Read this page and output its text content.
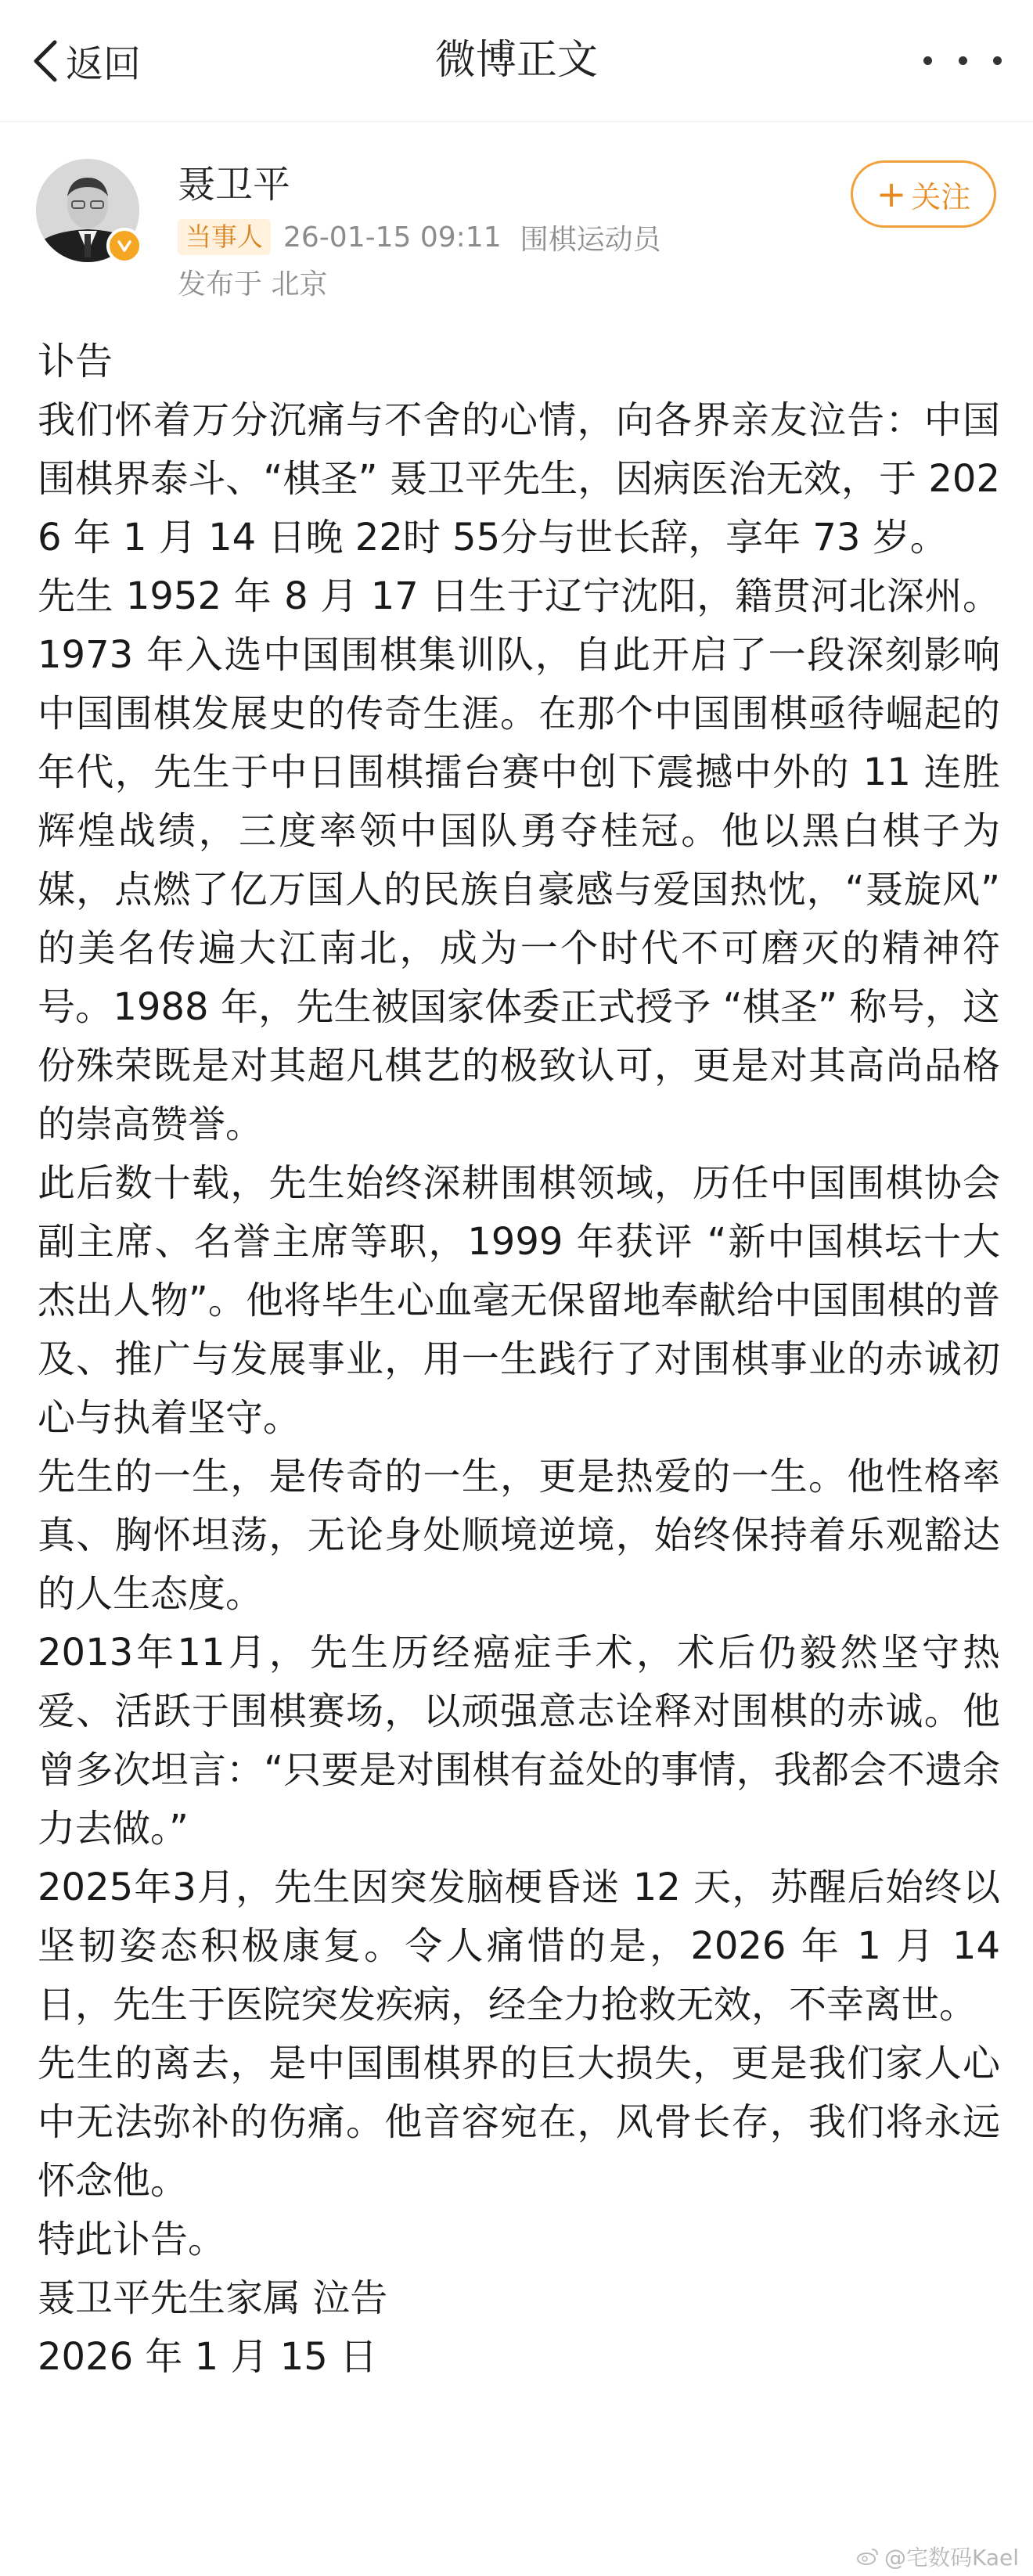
返回	微博正文
聂卫平
当事人 26-01-15 09:11 围棋运动员
发布于 北京
+ 关注

讣告

我们怀着万分沉痛与不舍的心情，向各界亲友泣告：中国围棋界泰斗、“棋圣” 聂卫平先生，因病医治无效，于 2026 年 1 月 14 日晚 22时 55分与世长辞，享年 73 岁。

先生 1952 年 8 月 17 日生于辽宁沈阳，籍贯河北深州。1973 年入选中国围棋集训队，自此开启了一段深刻影响中国围棋发展史的传奇生涯。在那个中国围棋亟待崛起的年代，先生于中日围棋擂台赛中创下震撼中外的 11 连胜辉煌战绩，三度率领中国队勇夺桂冠。他以黑白棋子为媒，点燃了亿万国人的民族自豪感与爱国热忱，“聂旋风” 的美名传遍大江南北，成为一个时代不可磨灭的精神符号。1988 年，先生被国家体委正式授予 “棋圣” 称号，这份殊荣既是对其超凡棋艺的极致认可，更是对其高尚品格的崇高赞誉。

此后数十载，先生始终深耕围棋领域，历任中国围棋协会副主席、名誉主席等职，1999 年获评 “新中国棋坛十大杰出人物”。他将毕生心血毫无保留地奉献给中国围棋的普及、推广与发展事业，用一生践行了对围棋事业的赤诚初心与执着坚守。

先生的一生，是传奇的一生，更是热爱的一生。他性格率真、胸怀坦荡，无论身处顺境逆境，始终保持着乐观豁达的人生态度。

2013年11月，先生历经癌症手术，术后仍毅然坚守热爱、活跃于围棋赛场，以顽强意志诠释对围棋的赤诚。他曾多次坦言：“只要是对围棋有益处的事情，我都会不遗余力去做。”

2025年3月，先生因突发脑梗昏迷 12 天，苏醒后始终以坚韧姿态积极康复。令人痛惜的是，2026 年 1 月 14 日，先生于医院突发疾病，经全力抢救无效，不幸离世。

先生的离去，是中国围棋界的巨大损失，更是我们家人心中无法弥补的伤痛。他音容宛在，风骨长存，我们将永远怀念他。

特此讣告。

聂卫平先生家属 泣告

2026 年 1 月 15 日

@宅数码Kael
